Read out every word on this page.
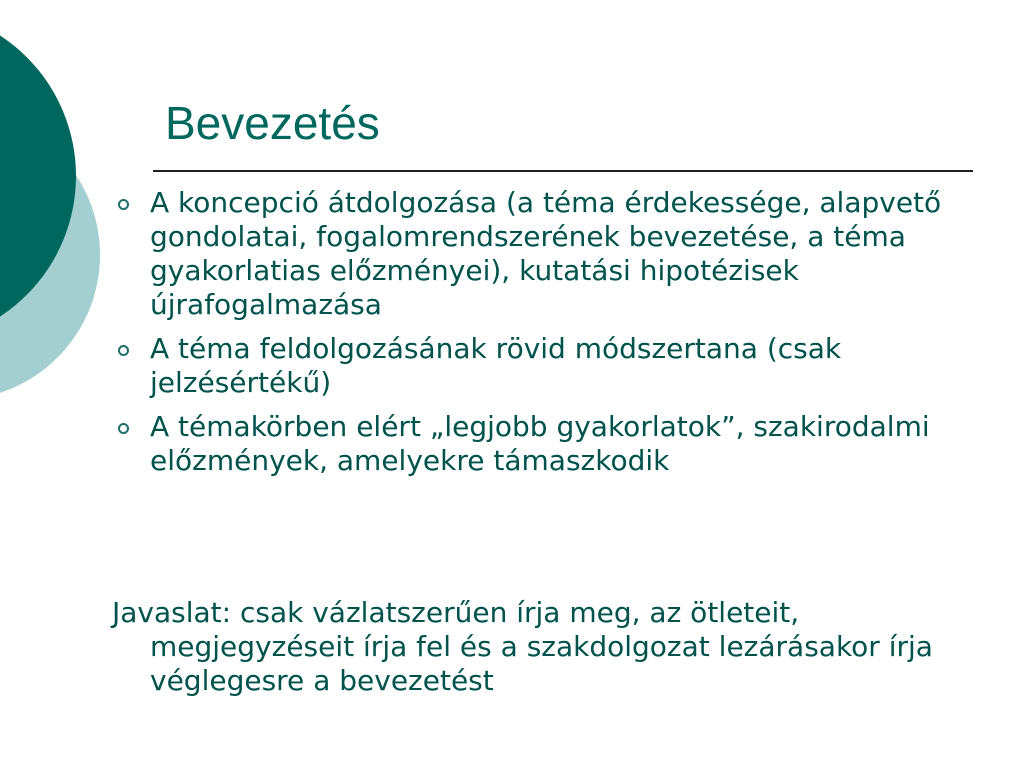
Bevezetés
A koncepció átdolgozása (a téma érdekessége, alapvető gondolatai, fogalomrendszerének bevezetése, a téma gyakorlatias előzményei), kutatási hipotézisek újrafogalmazása
A téma feldolgozásának rövid módszertana (csak jelzésértékű)
A témakörben elért „legjobb gyakorlatok”, szakirodalmi előzmények, amelyekre támaszkodik

Javaslat: csak vázlatszerűen írja meg, az ötleteit, megjegyzéseit írja fel és a szakdolgozat lezárásakor írja véglegesre a bevezetést
